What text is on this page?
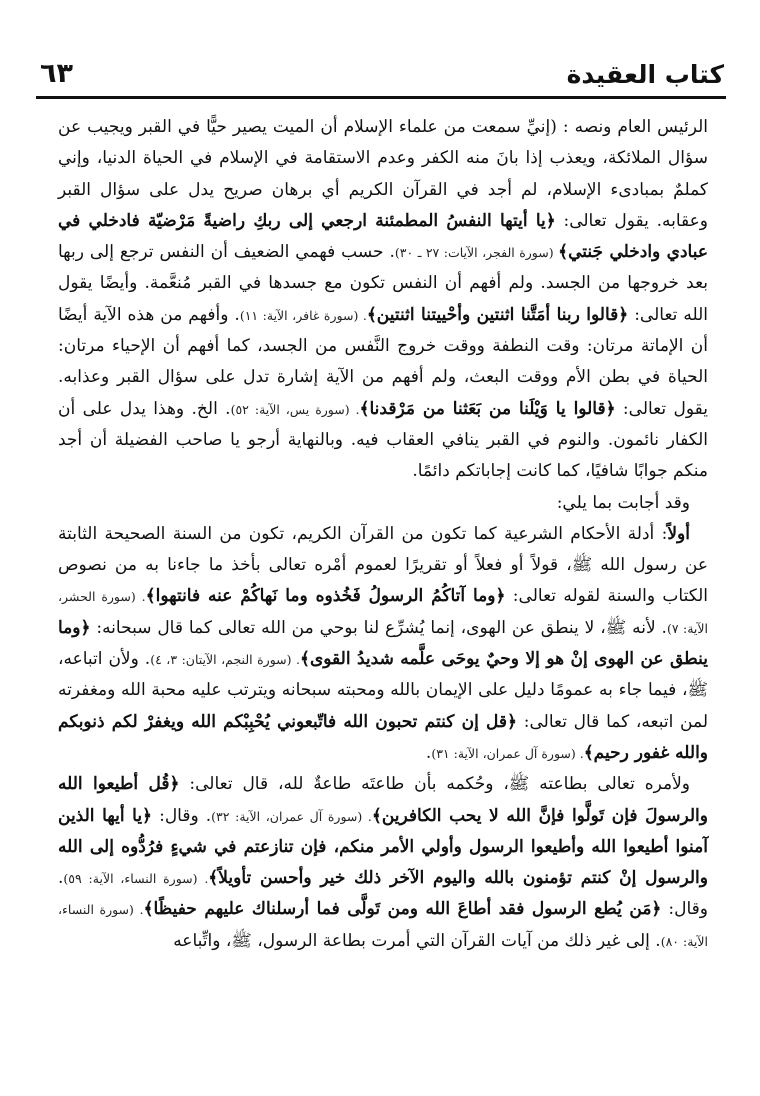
كتاب العقيدة
٦٣

الرئيس العام ونصه : (إنيِّ سمعت من علماء الإسلام أن الميت يصير حيًّا في القبر ويجيب عن سؤال الملائكة، ويعذب إذا بانَ منه الكفر وعدم الاستقامة في الإسلام في الحياة الدنيا، وإني كملمٌ بمبادىء الإسلام، لم أجد في القرآن الكريم أي برهان صريح يدل على سؤال القبر وعقابه. يقول تعالى: ﴿يا أيتها النفسُ المطمئنة ارجعي إلى ربكِ راضيةً مَرْضيّة فادخلي في عبادي وادخلي جَنتي﴾ (سورة الفجر، الآيات: ٢٧ ـ ٣٠). حسب فهمي الضعيف أن النفس ترجع إلى ربها بعد خروجها من الجسد. ولم أفهم أن النفس تكون مع جسدها في القبر مُنعَّمة. وأيضًا يقول الله تعالى: ﴿قالوا ربنا أمَتَّنا اثنتين وأحْييتنا اثنتين﴾. (سورة غافر، الآية: ١١). وأفهم من هذه الآية أيضًا أن الإماتة مرتان: وقت النطفة ووقت خروج النَّفس من الجسد، كما أفهم أن الإحياء مرتان: الحياة في بطن الأم ووقت البعث، ولم أفهم من الآية إشارة تدل على سؤال القبر وعذابه. يقول تعالى: ﴿قالوا يا وَيْلَنا من بَعَثنا من مَرْقدنا﴾. (سورة يس، الآية: ٥٢). الخ. وهذا يدل على أن الكفار نائمون. والنوم في القبر ينافي العقاب فيه. وبالنهاية أرجو يا صاحب الفضيلة أن أجد منكم جوابًا شافيًا، كما كانت إجاباتكم دائمًا.

وقد أجابت بما يلي:

أولاً: أدلة الأحكام الشرعية كما تكون من القرآن الكريم، تكون من السنة الصحيحة الثابتة عن رسول الله ﷺ، قولاً أو فعلاً أو تقريرًا لعموم أمْره تعالى بأخذ ما جاءنا به من نصوص الكتاب والسنة لقوله تعالى: ﴿وما آتاكُمُ الرسولُ فَخُذوه وما نَهاكُمْ عنه فانتهوا﴾. (سورة الحشر، الآية: ٧). لأنه ﷺ، لا ينطق عن الهوى، إنما يُشرِّع لنا بوحي من الله تعالى كما قال سبحانه: ﴿وما ينطق عن الهوى إنْ هو إلا وحيٌ يوحَى علَّمه شديدُ القوى﴾. (سورة النجم، الآيتان: ٣، ٤). ولأن اتباعه، ﷺ، فيما جاء به عمومًا دليل على الإيمان بالله ومحبته سبحانه ويترتب عليه محبة الله ومغفرته لمن اتبعه، كما قال تعالى: ﴿قل إن كنتم تحبون الله فاتّبعوني يُحْبِبْكم الله ويغفرْ لكم ذنوبكم والله غفور رحيم﴾. (سورة آل عمران، الآية: ٣١).

ولأمره تعالى بطاعته ﷺ، وحُكمه بأن طاعتَه طاعةٌ لله، قال تعالى: ﴿قُل أطيعوا الله والرسولَ فإن تَولَّوا فإنَّ الله لا يحب الكافرين﴾. (سورة آل عمران، الآية: ٣٢). وقال: ﴿يا أيها الذين آمنوا أطيعوا الله وأطيعوا الرسول وأولي الأمر منكم، فإن تنازعتم في شيءٍ فرُدُّوه إلى الله والرسول إنْ كنتم تؤمنون بالله واليوم الآخر ذلك خير وأحسن تأويلاً﴾. (سورة النساء، الآية: ٥٩). وقال: ﴿مَن يُطع الرسول فقد أطاعَ الله ومن تَولَّى فما أرسلناك عليهم حفيظًا﴾. (سورة النساء، الآية: ٨٠). إلى غير ذلك من آيات القرآن التي أمرت بطاعة الرسول، ﷺ، واتِّباعه
